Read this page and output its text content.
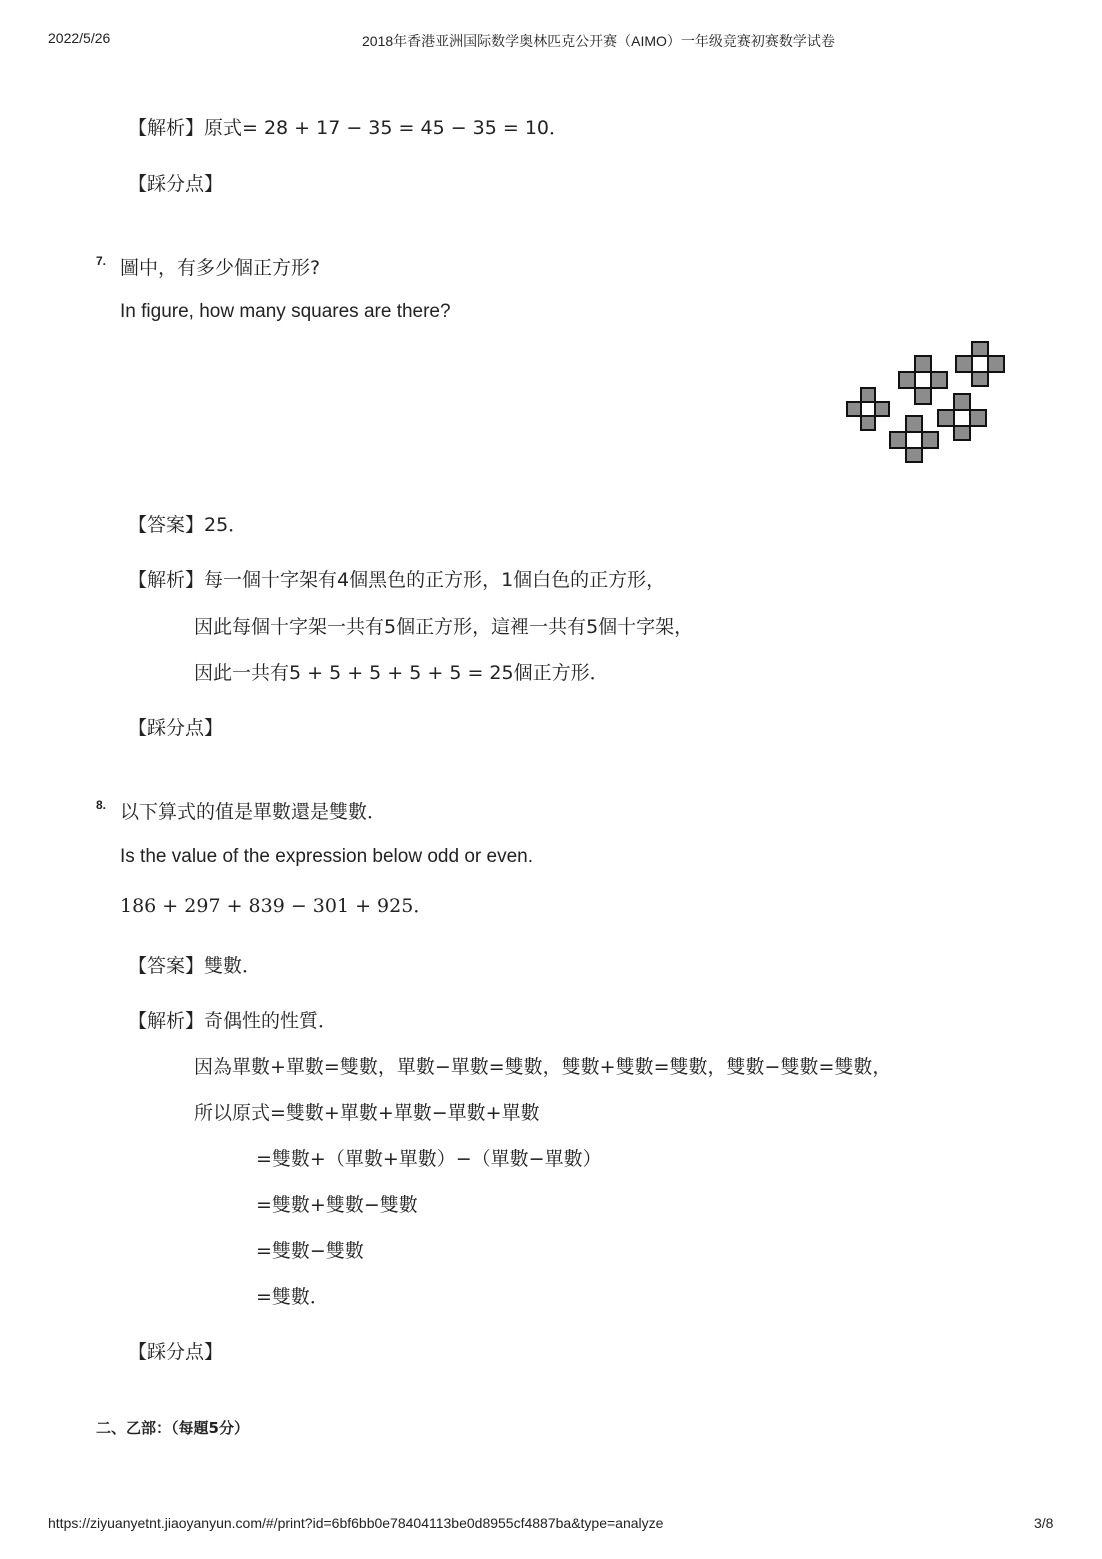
2022/5/26	2018年香港亚洲国际数学奥林匹克公开赛（AIMO）一年级竞赛初赛数学试卷
【解析】原式= 28 + 17 − 35 = 45 − 35 = 10．
【踩分点】
7. 圖中，有多少個正方形?
In figure, how many squares are there?
【答案】25．
【解析】每一個十字架有4個黑色的正方形，1個白色的正方形，
因此每個十字架一共有5個正方形，這裡一共有5個十字架，
因此一共有5 + 5 + 5 + 5 + 5 = 25個正方形．
【踩分点】
8. 以下算式的值是單數還是雙數．
Is the value of the expression below odd or even.
186 + 297 + 839 − 301 + 925．
【答案】雙數．
【解析】奇偶性的性質．
因為單數+單數=雙數，單數−單數=雙數，雙數+雙數=雙數，雙數−雙數=雙數，
所以原式=雙數+單數+單數−單數+單數
=雙數+（單數+單數）−（單數−單數）
=雙數+雙數−雙數
=雙數−雙數
=雙數．
【踩分点】
二、乙部：（每題5分）
https://ziyuanyetnt.jiaoyanyun.com/#/print?id=6bf6bb0e78404113be0d8955cf4887ba&type=analyze	3/8
